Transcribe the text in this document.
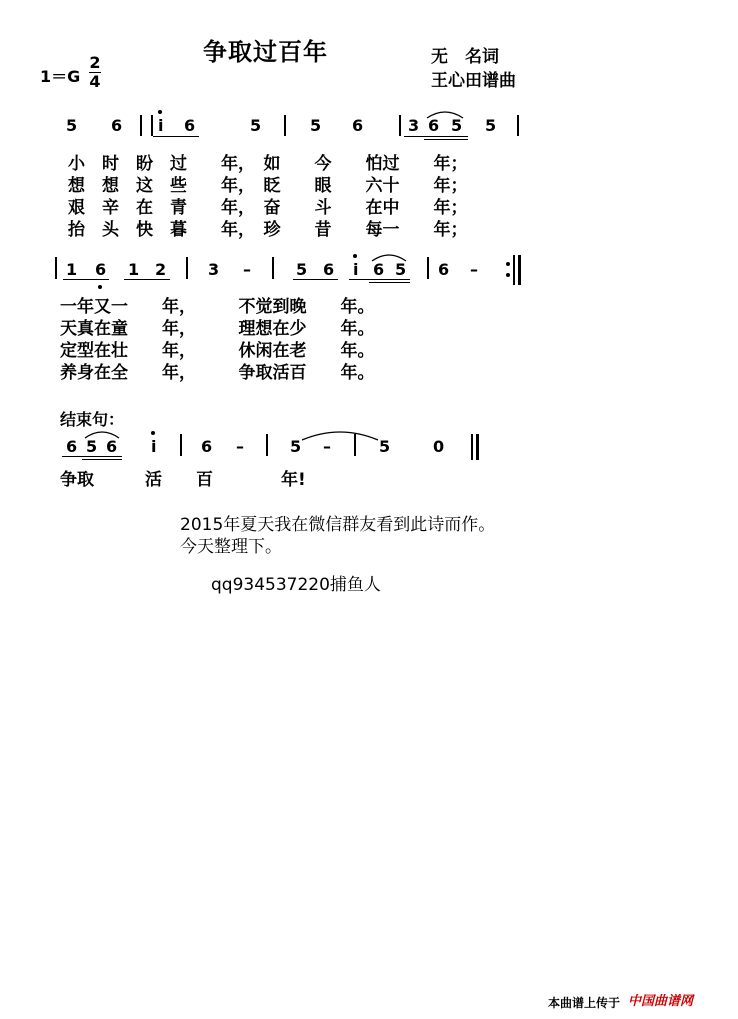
争取过百年	无　名词
王心田谱曲
$1=G \frac{2}{4}$
5 6 i 6	5	5 6	3 6 5 5
小　时　盼　过　　年，　如　　今　　怕过　　年；
想　想　这　些　　年，　眨　　眼　　六十　　年；
艰　辛　在　青　　年，　奋　　斗　　在中　　年；
抬　头　快　暮　　年，　珍　　昔　　每一　　年；
1 6 1 2	3 –	5 6 i 6 5 6 –
一年又一　　年，　　　不觉到晚　　年。
天真在童　　年，　　　理想在少　　年。
定型在壮　　年，　　　休闲在老　　年。
养身在全　　年，　　　争取活百　　年。
结束句：
6 5 6 i	6 –	5 –	5	0
争取　　　活　　百　　　　年!
2015年夏天我在微信群友看到此诗而作。
今天整理下。
qq934537220捕鱼人
本曲谱上传于 中国曲谱网
